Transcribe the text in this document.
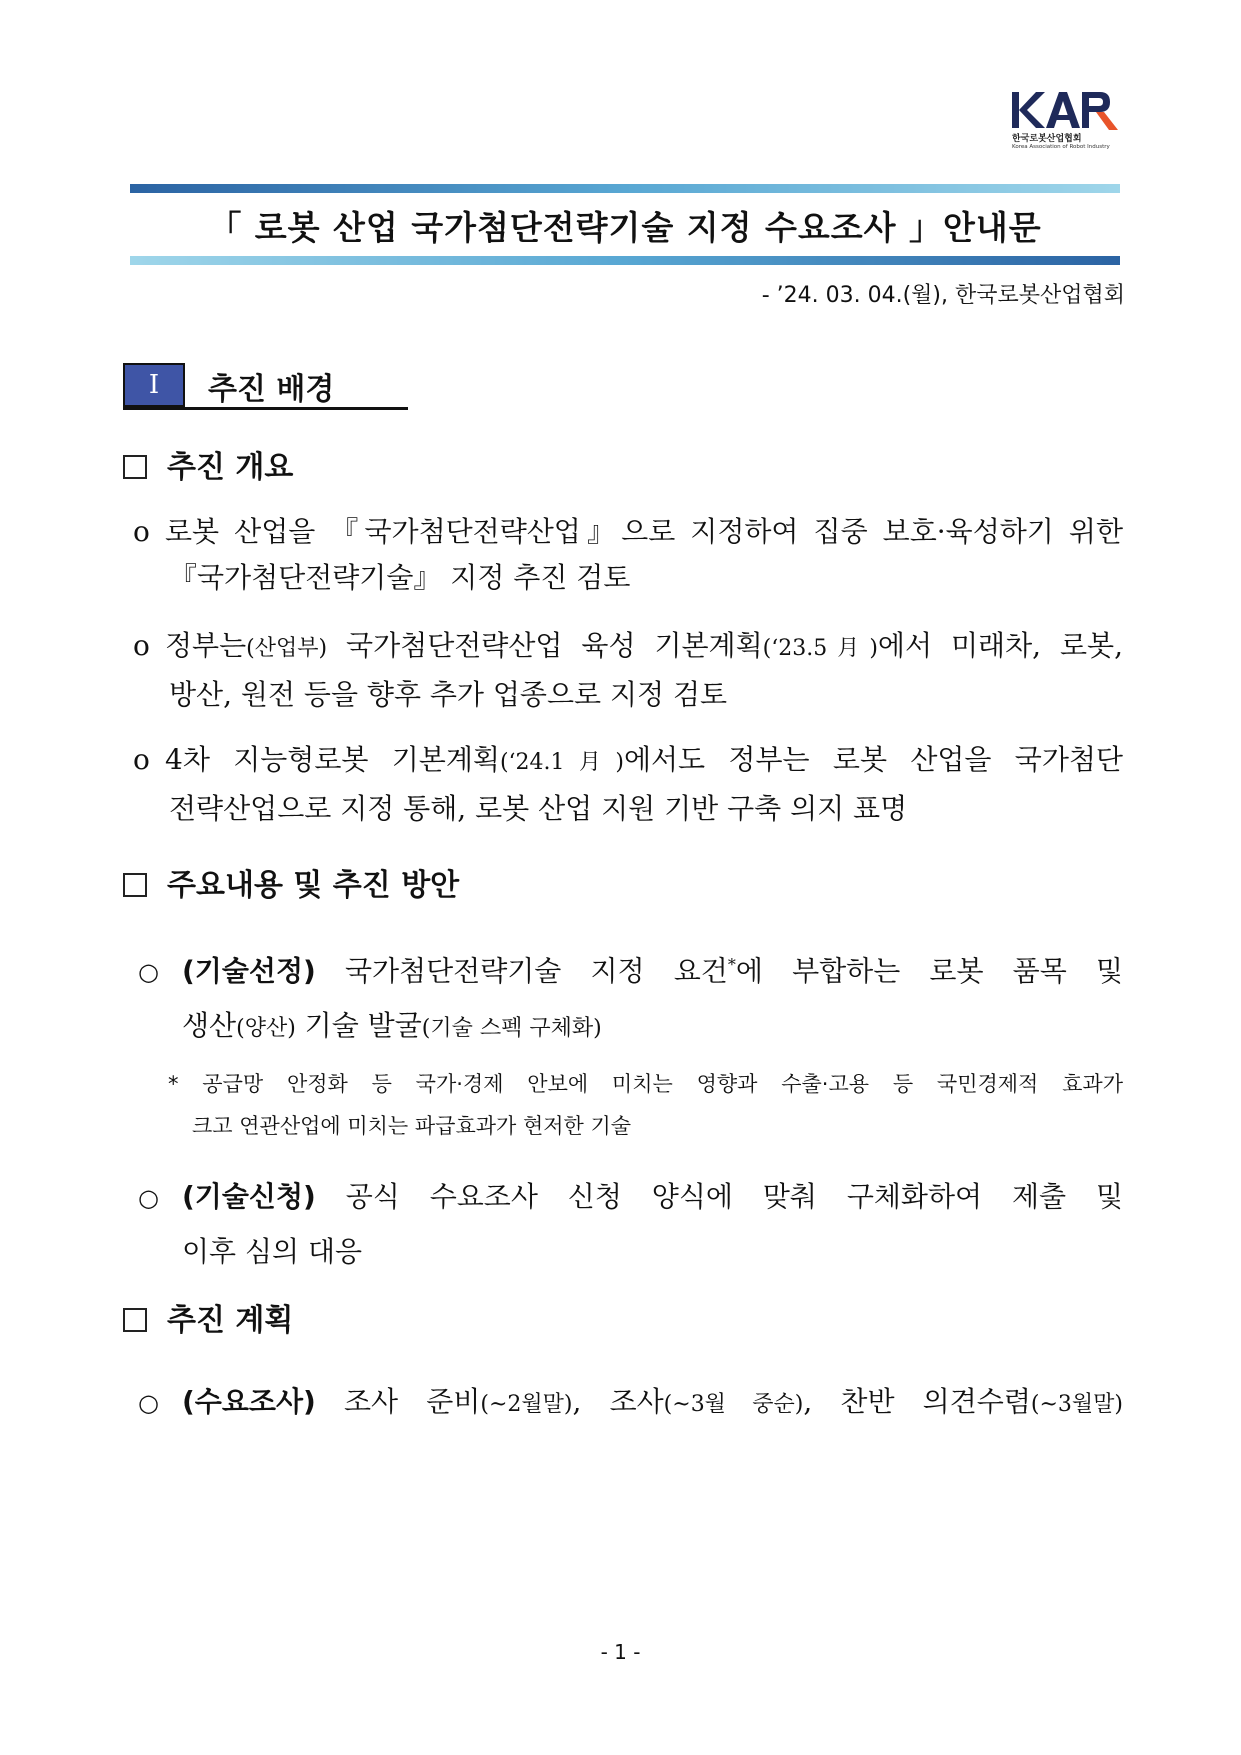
한국로봇산업협회
Korea Association of Robot Industry
「 로봇 산업 국가첨단전략기술 지정 수요조사 」안내문
- ’24. 03. 04.(월), 한국로봇산업협회
I	추진 배경
추진 개요
o 로봇 산업을 『국가첨단전략산업』으로 지정하여 집중 보호·육성하기 위한
『국가첨단전략기술』 지정 추진 검토
o 정부는(산업부) 국가첨단전략산업 육성 기본계획(‘23.5月)에서 미래차, 로봇,
방산, 원전 등을 향후 추가 업종으로 지정 검토
o 4차 지능형로봇 기본계획(‘24.1月)에서도 정부는 로봇 산업을 국가첨단
전략산업으로 지정 통해, 로봇 산업 지원 기반 구축 의지 표명
주요내용 및 추진 방안
○ (기술선정) 국가첨단전략기술 지정 요건*에 부합하는 로봇 품목 및
생산(양산) 기술 발굴(기술 스펙 구체화)
* 공급망 안정화 등 국가·경제 안보에 미치는 영향과 수출·고용 등 국민경제적 효과가
크고 연관산업에 미치는 파급효과가 현저한 기술
○ (기술신청) 공식 수요조사 신청 양식에 맞춰 구체화하여 제출 및
이후 심의 대응
추진 계획
○ (수요조사) 조사 준비(~2월말), 조사(~3월 중순), 찬반 의견수렴(~3월말)
- 1 -
